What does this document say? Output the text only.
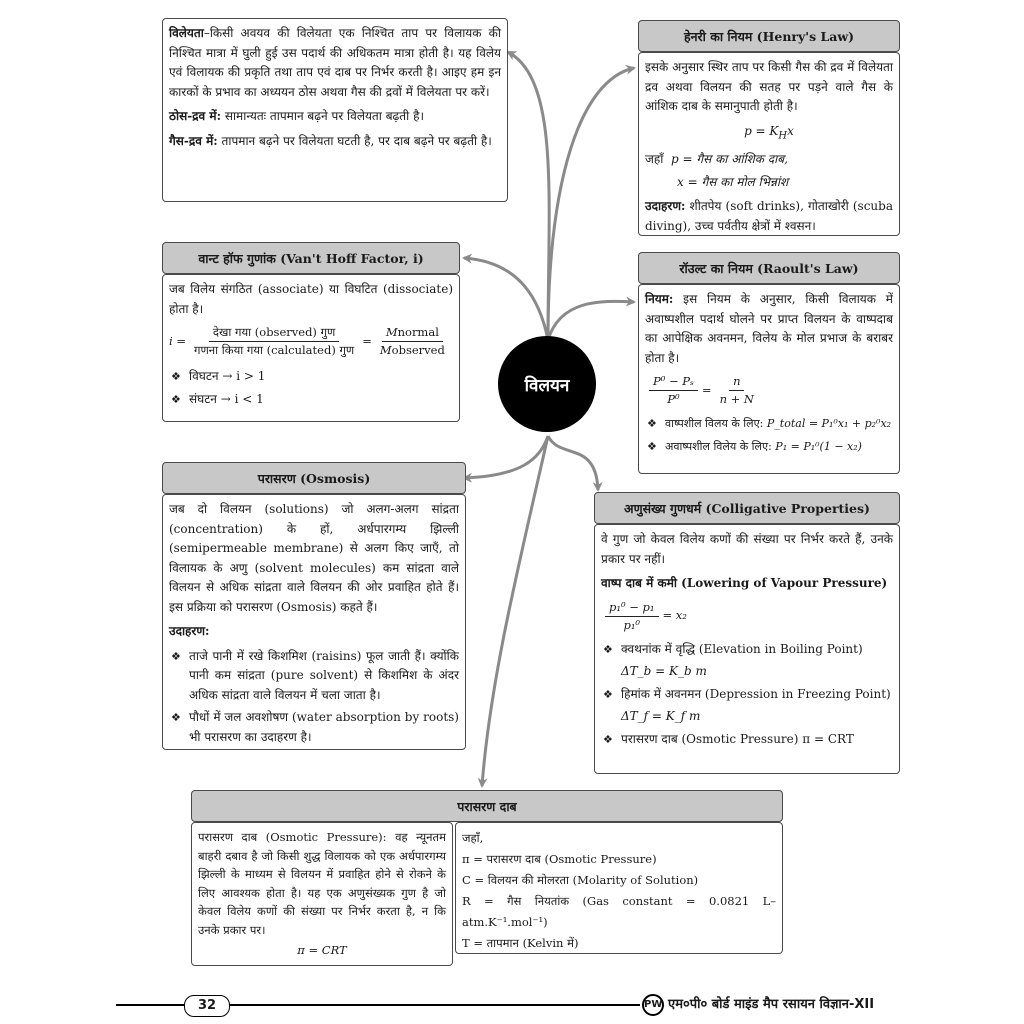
विलेयता–किसी अवयव की विलेयता एक निश्चित ताप पर विलायक की निश्चित मात्रा में घुली हुई उस पदार्थ की अधिकतम मात्रा होती है। यह विलेय एवं विलायक की प्रकृति तथा ताप एवं दाब पर निर्भर करती है। आइए हम इन कारकों के प्रभाव का अध्ययन ठोस अथवा गैस की द्रवों में विलेयता पर करें।

ठोस-द्रव में: सामान्यतः तापमान बढ़ने पर विलेयता बढ़ती है।

गैस-द्रव में: तापमान बढ़ने पर विलेयता घटती है, पर दाब बढ़ने पर बढ़ती है।

हेनरी का नियम (Henry's Law)

इसके अनुसार स्थिर ताप पर किसी गैस की द्रव में विलेयता द्रव अथवा विलयन की सतह पर पड़ने वाले गैस के आंशिक दाब के समानुपाती होती है।

$p = K_Hx$

जहाँ p = गैस का आंशिक दाब,
x = गैस का मोल भिन्नांश

उदाहरण: शीतपेय (soft drinks), गोताखोरी (scuba diving), उच्च पर्वतीय क्षेत्रों में श्वसन।

वान्ट हॉफ गुणांक (Van't Hoff Factor, i)

जब विलेय संगठित (associate) या विघटित (dissociate) होता है।

$i = \frac{\text{देखा गया (observed) गुण}}{\text{गणना किया गया (calculated) गुण}} = \frac{\text{Mnormal}}{\text{Mobserved}}$
❖ विघटन → i > 1
❖ संघटन → i < 1
रॉउल्ट का नियम (Raoult's Law)

नियम: इस नियम के अनुसार, किसी विलायक में अवाष्पशील पदार्थ घोलने पर प्राप्त विलयन के वाष्पदाब का आपेक्षिक अवनमन, विलेय के मोल प्रभाज के बराबर होता है।

$\frac{\text{P⁰ − Pₛ}}{\text{P⁰}} = \frac{n}{n + N}$
❖ वाष्पशील विलय के लिए: P_total = P₁⁰x₁ + p₂⁰x₂
❖ अवाष्पशील विलेय के लिए: P₁ = P₁⁰(1 − x₂)
विलयन
परासरण (Osmosis)

जब दो विलयन (solutions) जो अलग-अलग सांद्रता (concentration) के हों, अर्धपारगम्य झिल्ली (semipermeable membrane) से अलग किए जाएँ, तो विलायक के अणु (solvent molecules) कम सांद्रता वाले विलयन से अधिक सांद्रता वाले विलयन की ओर प्रवाहित होते हैं। इस प्रक्रिया को परासरण (Osmosis) कहते हैं।

उदाहरण:

❖ ताजे पानी में रखे किशमिश (raisins) फूल जाती हैं। क्योंकि पानी कम सांद्रता (pure solvent) से किशमिश के अंदर अधिक सांद्रता वाले विलयन में चला जाता है।
❖ पौधों में जल अवशोषण (water absorption by roots) भी परासरण का उदाहरण है।
अणुसंख्य गुणधर्म (Colligative Properties)

वे गुण जो केवल विलेय कणों की संख्या पर निर्भर करते हैं, उनके प्रकार पर नहीं।

वाष्प दाब में कमी (Lowering of Vapour Pressure)

$\frac{\text{p₁⁰ − p₁}}{\text{p₁⁰}} = x_2$
❖ क्वथनांक में वृद्धि (Elevation in Boiling Point)
ΔT_b = K_b m
❖ हिमांक में अवनमन (Depression in Freezing Point)
ΔT_f = K_f m
❖ परासरण दाब (Osmotic Pressure) π = CRT
परासरण दाब

परासरण दाब (Osmotic Pressure): वह न्यूनतम बाहरी दबाव है जो किसी शुद्ध विलायक को एक अर्धपारगम्य झिल्ली के माध्यम से विलयन में प्रवाहित होने से रोकने के लिए आवश्यक होता है। यह एक अणुसंख्यक गुण है जो केवल विलेय कणों की संख्या पर निर्भर करता है, न कि उनके प्रकार पर।

π = CRT
जहाँ,
π = परासरण दाब (Osmotic Pressure)
C = विलयन की मोलरता (Molarity of Solution)
R = गैस नियतांक (Gas constant = 0.0821 L– atm.K⁻¹.mol⁻¹)
T = तापमान (Kelvin में)
32	PW एम०पी० बोर्ड माइंड मैप रसायन विज्ञान-XII
